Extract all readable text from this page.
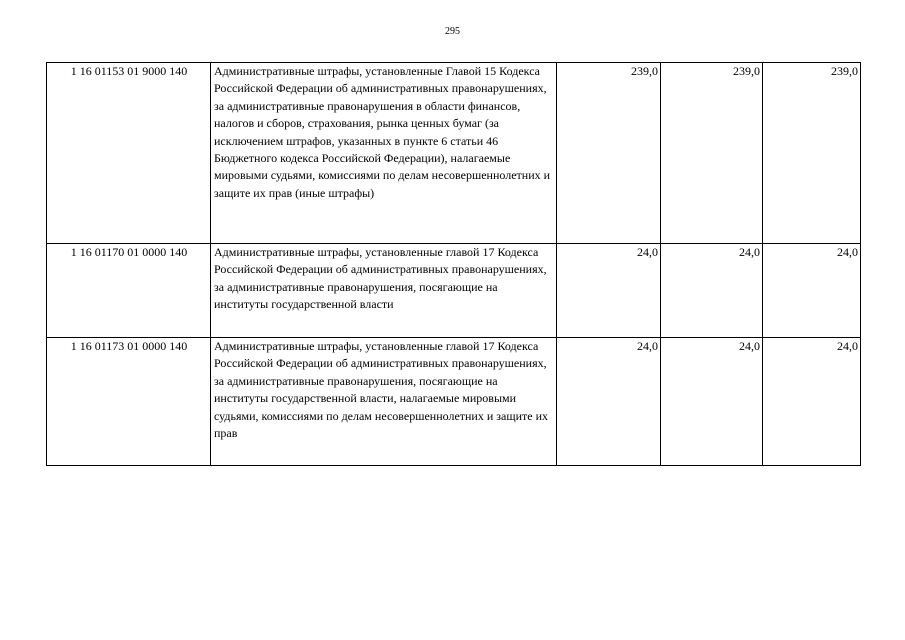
295
1 16 01153 01 9000 140	Административные штрафы, установленные Главой 15 Кодекса Российской Федерации об административных правонарушениях, за административные правонарушения в области финансов, налогов и сборов, страхования, рынка ценных бумаг (за исключением штрафов, указанных в пункте 6 статьи 46 Бюджетного кодекса Российской Федерации), налагаемые мировыми судьями, комиссиями по делам несовершеннолетних и защите их прав (иные штрафы)	239,0	239,0	239,0
1 16 01170 01 0000 140	Административные штрафы, установленные главой 17 Кодекса Российской Федерации об административных правонарушениях, за административные правонарушения, посягающие на институты государственной власти	24,0	24,0	24,0
1 16 01173 01 0000 140	Административные штрафы, установленные главой 17 Кодекса Российской Федерации об административных правонарушениях, за административные правонарушения, посягающие на институты государственной власти, налагаемые мировыми судьями, комиссиями по делам несовершеннолетних и защите их прав	24,0	24,0	24,0
